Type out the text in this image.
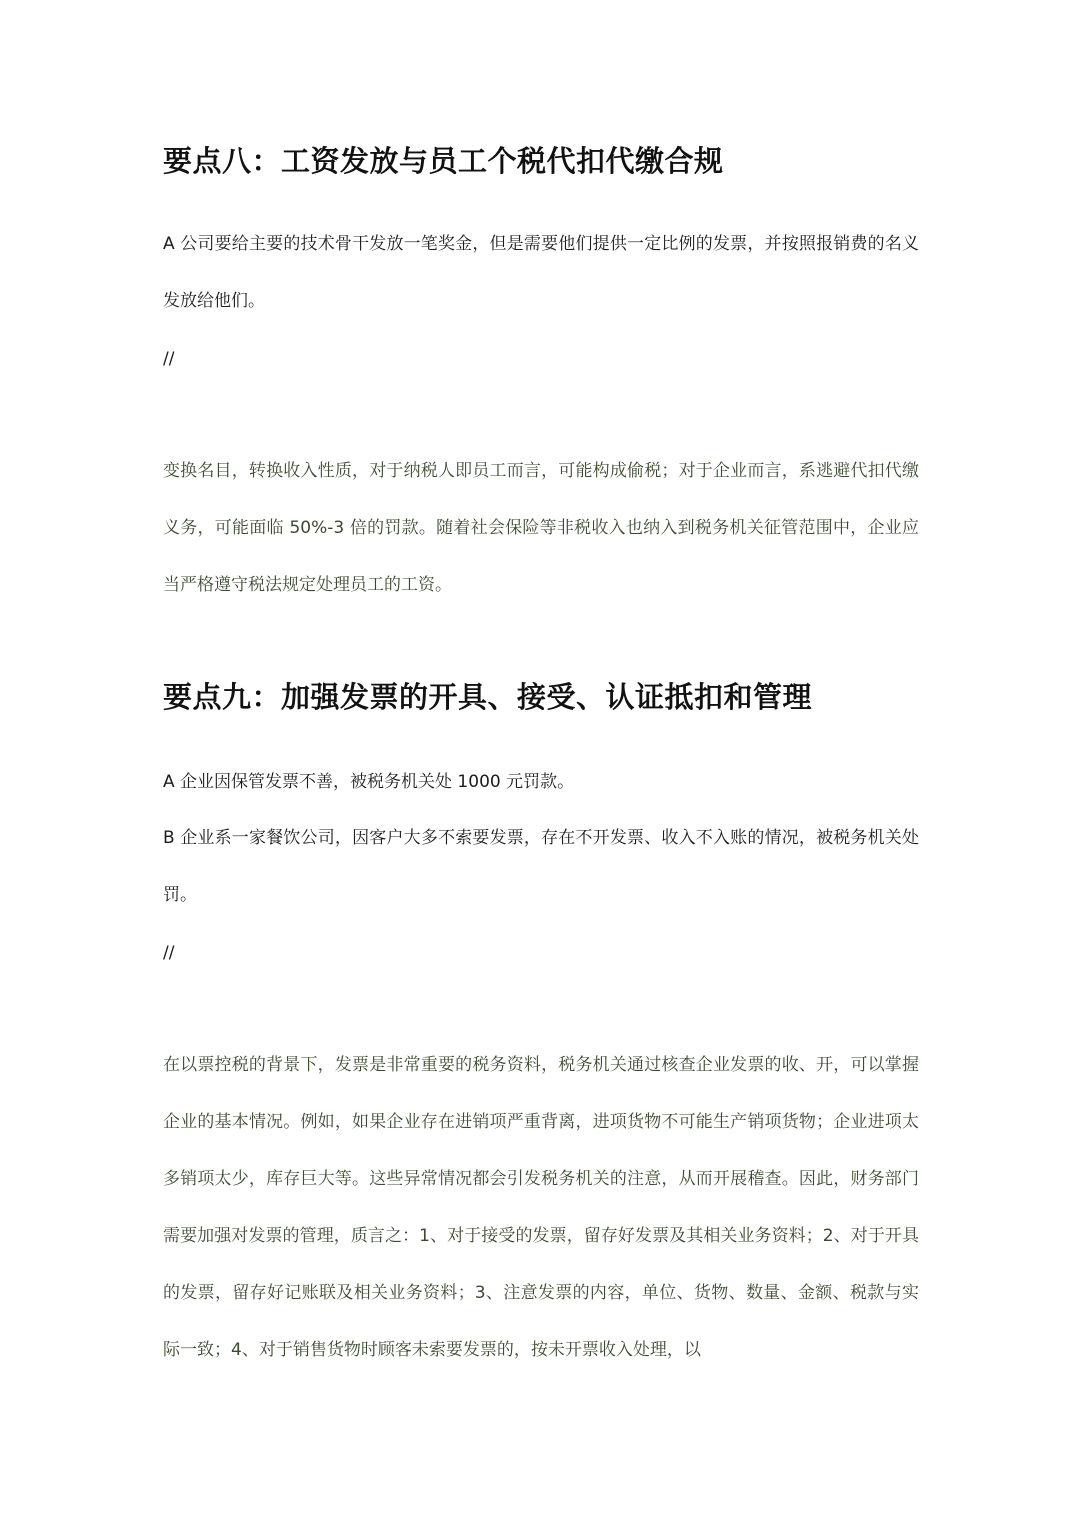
要点八：工资发放与员工个税代扣代缴合规
A 公司要给主要的技术骨干发放一笔奖金，但是需要他们提供一定比例的发票，并按照报销费的名义发放给他们。
//
变换名目，转换收入性质，对于纳税人即员工而言，可能构成偷税；对于企业而言，系逃避代扣代缴义务，可能面临 50%-3 倍的罚款。随着社会保险等非税收入也纳入到税务机关征管范围中，企业应当严格遵守税法规定处理员工的工资。
要点九：加强发票的开具、接受、认证抵扣和管理
A 企业因保管发票不善，被税务机关处 1000 元罚款。
B 企业系一家餐饮公司，因客户大多不索要发票，存在不开发票、收入不入账的情况，被税务机关处罚。
//
在以票控税的背景下，发票是非常重要的税务资料，税务机关通过核查企业发票的收、开，可以掌握企业的基本情况。例如，如果企业存在进销项严重背离，进项货物不可能生产销项货物；企业进项太多销项太少，库存巨大等。这些异常情况都会引发税务机关的注意，从而开展稽查。因此，财务部门需要加强对发票的管理，质言之：1、对于接受的发票，留存好发票及其相关业务资料；2、对于开具的发票，留存好记账联及相关业务资料；3、注意发票的内容，单位、货物、数量、金额、税款与实际一致；4、对于销售货物时顾客未索要发票的，按未开票收入处理，以
